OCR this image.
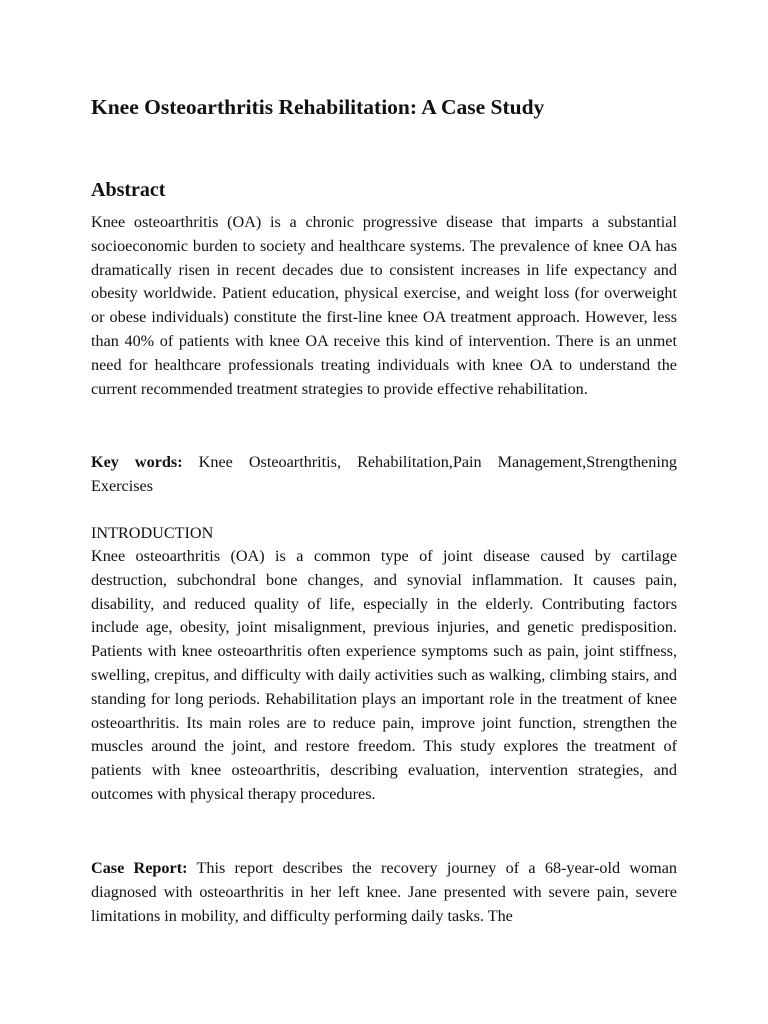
Knee Osteoarthritis Rehabilitation: A Case Study
Abstract

Knee osteoarthritis (OA) is a chronic progressive disease that imparts a substantial socioeconomic burden to society and healthcare systems. The prevalence of knee OA has dramatically risen in recent decades due to consistent increases in life expectancy and obesity worldwide. Patient education, physical exercise, and weight loss (for overweight or obese individuals) constitute the first-line knee OA treatment approach. However, less than 40% of patients with knee OA receive this kind of intervention. There is an unmet need for healthcare professionals treating individuals with knee OA to understand the current recommended treatment strategies to provide effective rehabilitation.

Key words: Knee Osteoarthritis, Rehabilitation,Pain Management,Strengthening Exercises

INTRODUCTION

Knee osteoarthritis (OA) is a common type of joint disease caused by cartilage destruction, subchondral bone changes, and synovial inflammation. It causes pain, disability, and reduced quality of life, especially in the elderly. Contributing factors include age, obesity, joint misalignment, previous injuries, and genetic predisposition. Patients with knee osteoarthritis often experience symptoms such as pain, joint stiffness, swelling, crepitus, and difficulty with daily activities such as walking, climbing stairs, and standing for long periods. Rehabilitation plays an important role in the treatment of knee osteoarthritis. Its main roles are to reduce pain, improve joint function, strengthen the muscles around the joint, and restore freedom. This study explores the treatment of patients with knee osteoarthritis, describing evaluation, intervention strategies, and outcomes with physical therapy procedures.

Case Report: This report describes the recovery journey of a 68-year-old woman diagnosed with osteoarthritis in her left knee. Jane presented with severe pain, severe limitations in mobility, and difficulty performing daily tasks. The
